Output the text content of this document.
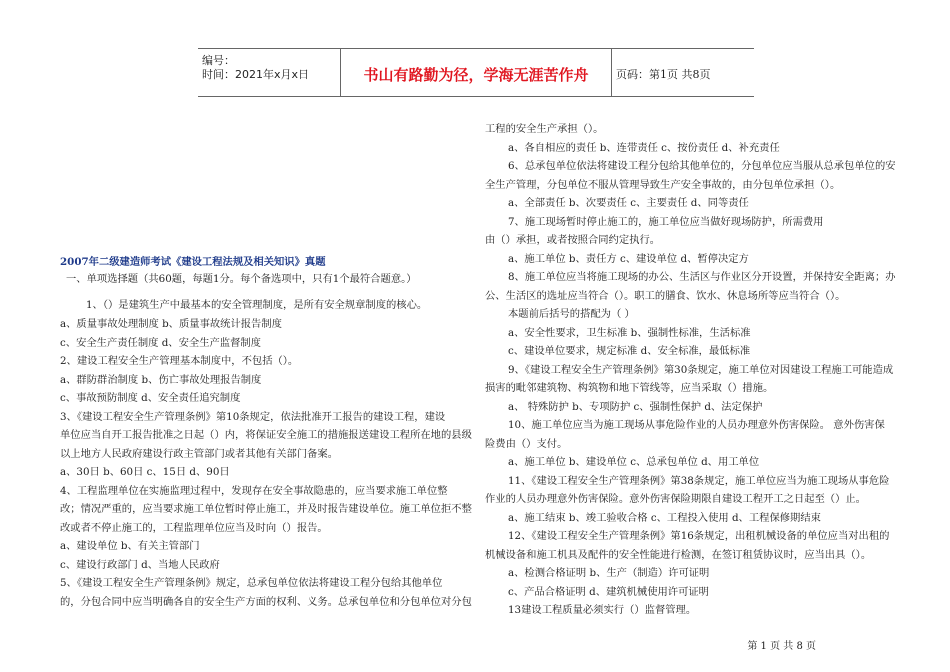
编号：
时间：2021年x月x日	书山有路勤为径，学海无涯苦作舟	页码：第1页 共8页
2007年二级建造师考试《建设工程法规及相关知识》真题
一、单项选择题（共60题，每题1分。每个备选项中，只有1个最符合题意。）
1、（）是建筑生产中最基本的安全管理制度，是所有安全规章制度的核心。
a、质量事故处理制度 b、质量事故统计报告制度
c、安全生产责任制度 d、安全生产监督制度
2、建设工程安全生产管理基本制度中，不包括（）。
a、群防群治制度 b、伤亡事故处理报告制度
c、事故预防制度 d、安全责任追究制度
3、《建设工程安全生产管理条例》第10条规定，依法批准开工报告的建设工程，建设
单位应当自开工报告批准之日起（）内，将保证安全施工的措施报送建设工程所在地的县级
以上地方人民政府建设行政主管部门或者其他有关部门备案。
a、30日 b、60日 c、15日 d、90日
4、工程监理单位在实施监理过程中，发现存在安全事故隐患的，应当要求施工单位整
改；情况严重的，应当要求施工单位暂时停止施工，并及时报告建设单位。施工单位拒不整
改或者不停止施工的，工程监理单位应当及时向（）报告。
a、建设单位 b、有关主管部门
c、建设行政部门 d、当地人民政府
5、《建设工程安全生产管理条例》规定，总承包单位依法将建设工程分包给其他单位
的，分包合同中应当明确各自的安全生产方面的权利、义务。总承包单位和分包单位对分包
工程的安全生产承担（）。
a、各自相应的责任 b、连带责任 c、按份责任 d、补充责任
6、总承包单位依法将建设工程分包给其他单位的，分包单位应当服从总承包单位的安
全生产管理，分包单位不服从管理导致生产安全事故的，由分包单位承担（）。
a、全部责任 b、次要责任 c、主要责任 d、同等责任
7、施工现场暂时停止施工的，施工单位应当做好现场防护，所需费用
由（）承担，或者按照合同约定执行。
a、施工单位 b、责任方 c、建设单位 d、暂停决定方
8、施工单位应当将施工现场的办公、生活区与作业区分开设置，并保持安全距离；办
公、生活区的选址应当符合（）。职工的膳食、饮水、休息场所等应当符合（）。
本题前后括号的搭配为（ ）
a、安全性要求，卫生标准 b、强制性标准，生活标准
c、建设单位要求，规定标准 d、安全标准，最低标准
9、《建设工程安全生产管理条例》第30条规定，施工单位对因建设工程施工可能造成
损害的毗邻建筑物、构筑物和地下管线等，应当采取（）措施。
a、 特殊防护 b、专项防护 c、强制性保护 d、法定保护
10、施工单位应当为施工现场从事危险作业的人员办理意外伤害保险。 意外伤害保
险费由（）支付。
a、施工单位 b、建设单位 c、总承包单位 d、用工单位
11、《建设工程安全生产管理条例》第38条规定，施工单位应当为施工现场从事危险
作业的人员办理意外伤害保险。意外伤害保险期限自建设工程开工之日起至（）止。
a、施工结束 b、竣工验收合格 c、工程投入使用 d、工程保修期结束
12、《建设工程安全生产管理条例》第16条规定，出租机械设备的单位应当对出租的
机械设备和施工机具及配件的安全性能进行检测，在签订租赁协议时，应当出具（）。
a、检测合格证明 b、生产（制造）许可证明
c、产品合格证明 d、建筑机械使用许可证明
13建设工程质量必须实行（）监督管理。
第 1 页 共 8 页
